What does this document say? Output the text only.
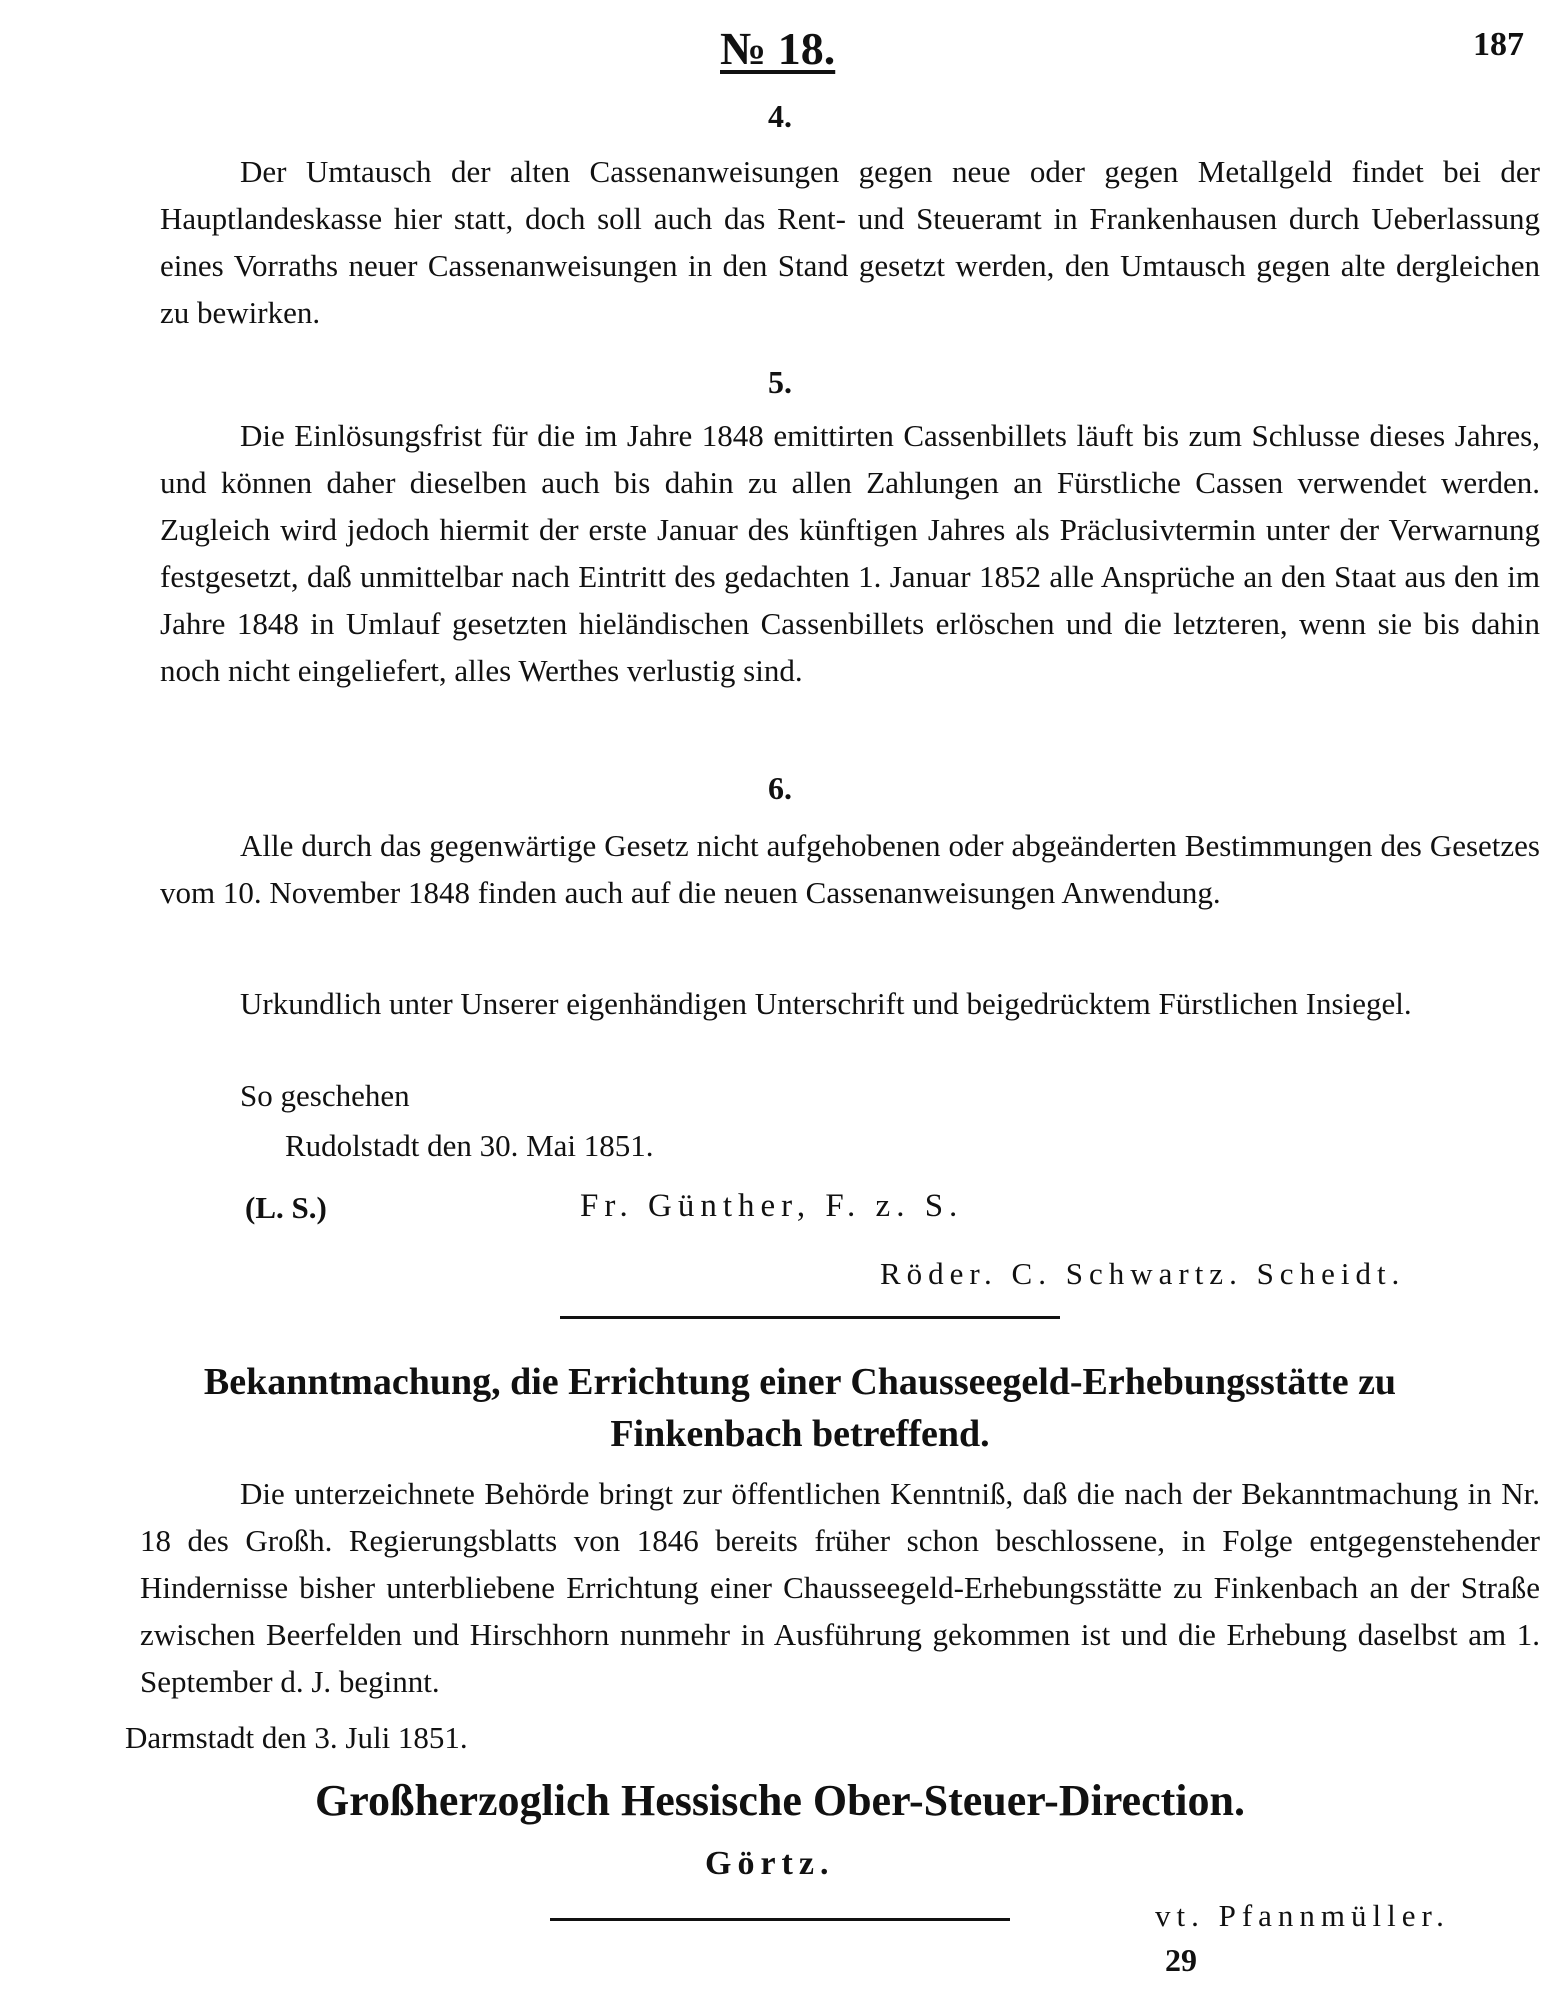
№ 18.	187
4.
Der Umtausch der alten Cassenanweisungen gegen neue oder gegen Metallgeld findet bei der Hauptlandeskasse hier statt, doch soll auch das Rent- und Steueramt in Frankenhausen durch Ueberlassung eines Vorraths neuer Cassenanweisungen in den Stand gesetzt werden, den Umtausch gegen alte dergleichen zu bewirken.
5.
Die Einlösungsfrist für die im Jahre 1848 emittirten Cassenbillets läuft bis zum Schlusse dieses Jahres, und können daher dieselben auch bis dahin zu allen Zahlungen an Fürstliche Cassen verwendet werden. Zugleich wird jedoch hiermit der erste Januar des künftigen Jahres als Präclusivtermin unter der Verwarnung festgesetzt, daß unmittelbar nach Eintritt des gedachten 1. Januar 1852 alle Ansprüche an den Staat aus den im Jahre 1848 in Umlauf gesetzten hieländischen Cassenbillets erlöschen und die letzteren, wenn sie bis dahin noch nicht eingeliefert, alles Werthes verlustig sind.
6.
Alle durch das gegenwärtige Gesetz nicht aufgehobenen oder abgeänderten Bestimmungen des Gesetzes vom 10. November 1848 finden auch auf die neuen Cassenanweisungen Anwendung.
Urkundlich unter Unserer eigenhändigen Unterschrift und beigedrücktem Fürstlichen Insiegel.
So geschehen
Rudolstadt den 30. Mai 1851.
(L. S.)	Fr. Günther, F. z. S.
Röder. C. Schwartz. Scheidt.
Bekanntmachung, die Errichtung einer Chausseegeld-Erhebungsstätte zu Finkenbach betreffend.
Die unterzeichnete Behörde bringt zur öffentlichen Kenntniß, daß die nach der Bekanntmachung in Nr. 18 des Großh. Regierungsblatts von 1846 bereits früher schon beschlossene, in Folge entgegenstehender Hindernisse bisher unterbliebene Errichtung einer Chausseegeld-Erhebungsstätte zu Finkenbach an der Straße zwischen Beerfelden und Hirschhorn nunmehr in Ausführung gekommen ist und die Erhebung daselbst am 1. September d. J. beginnt.
Darmstadt den 3. Juli 1851.
Großherzoglich Hessische Ober-Steuer-Direction.
Görtz.
vt. Pfannmüller.
29
